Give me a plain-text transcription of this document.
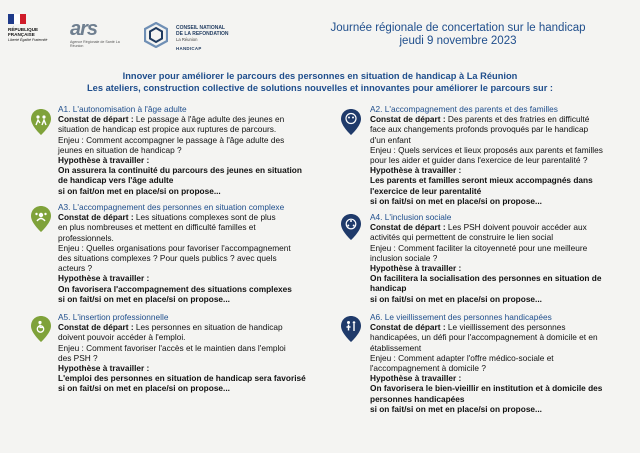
RÉPUBLIQUE
FRANÇAISE
Liberté Égalité Fraternité	ars
Agence Régionale de Santé La Réunion
CONSEIL NATIONAL
DE LA REFONDATION
La Réunion
HANDICAP
Journée régionale de concertation sur le handicap
jeudi 9 novembre 2023
Innover pour améliorer le parcours des personnes en situation de handicap à La Réunion
Les ateliers, construction collective de solutions nouvelles et innovantes pour améliorer le parcours sur :
A1. L'autonomisation à l'âge adulte
Constat de départ : Le passage à l'âge adulte des jeunes en
situation de handicap est propice aux ruptures de parcours.
Enjeu : Comment accompagner le passage à l'âge adulte des
jeunes en situation de handicap ?
Hypothèse à travailler :
On assurera la continuité du parcours des jeunes en situation
de handicap vers l'âge adulte
si on fait/on met en place/si on propose...
A2. L'accompagnement des parents et des familles
Constat de départ : Des parents et des fratries en difficulté
face aux changements profonds provoqués par le handicap
d'un enfant
Enjeu : Quels services et lieux proposés aux parents et familles
pour les aider et guider dans l'exercice de leur parentalité ?
Hypothèse à travailler :
Les parents et familles seront mieux accompagnés dans
l'exercice de leur parentalité
si on fait/si on met en place/si on propose...
A3. L'accompagnement des personnes en situation complexe
Constat de départ : Les situations complexes sont de plus
en plus nombreuses et mettent en difficulté familles et
professionnels.
Enjeu : Quelles organisations pour favoriser l'accompagnement
des situations complexes ? Pour quels publics ? avec quels
acteurs ?
Hypothèse à travailler :
On favorisera l'accompagnement des situations complexes
si on fait/si on met en place/si on propose...
A4. L'inclusion sociale
Constat de départ : Les PSH doivent pouvoir accéder aux
activités qui permettent de construire le lien social
Enjeu : Comment faciliter la citoyenneté pour une meilleure
inclusion sociale ?
Hypothèse à travailler :
On facilitera la socialisation des personnes en situation de
handicap
si on fait/si on met en place/si on propose...
A5. L'insertion professionnelle
Constat de départ : Les personnes en situation de handicap
doivent pouvoir accéder à l'emploi.
Enjeu : Comment favoriser l'accès et le maintien dans l'emploi
des PSH ?
Hypothèse à travailler :
L'emploi des personnes en situation de handicap sera favorisé
si on fait/si on met en place/si on propose...
A6. Le vieillissement des personnes handicapées
Constat de départ : Le vieillissement des personnes
handicapées, un défi pour l'accompagnement à domicile et en
établissement
Enjeu : Comment adapter l'offre médico-sociale et
l'accompagnement à domicile ?
Hypothèse à travailler :
On favorisera le bien-vieillir en institution et à domicile des
personnes handicapées
si on fait/si on met en place/si on propose...
